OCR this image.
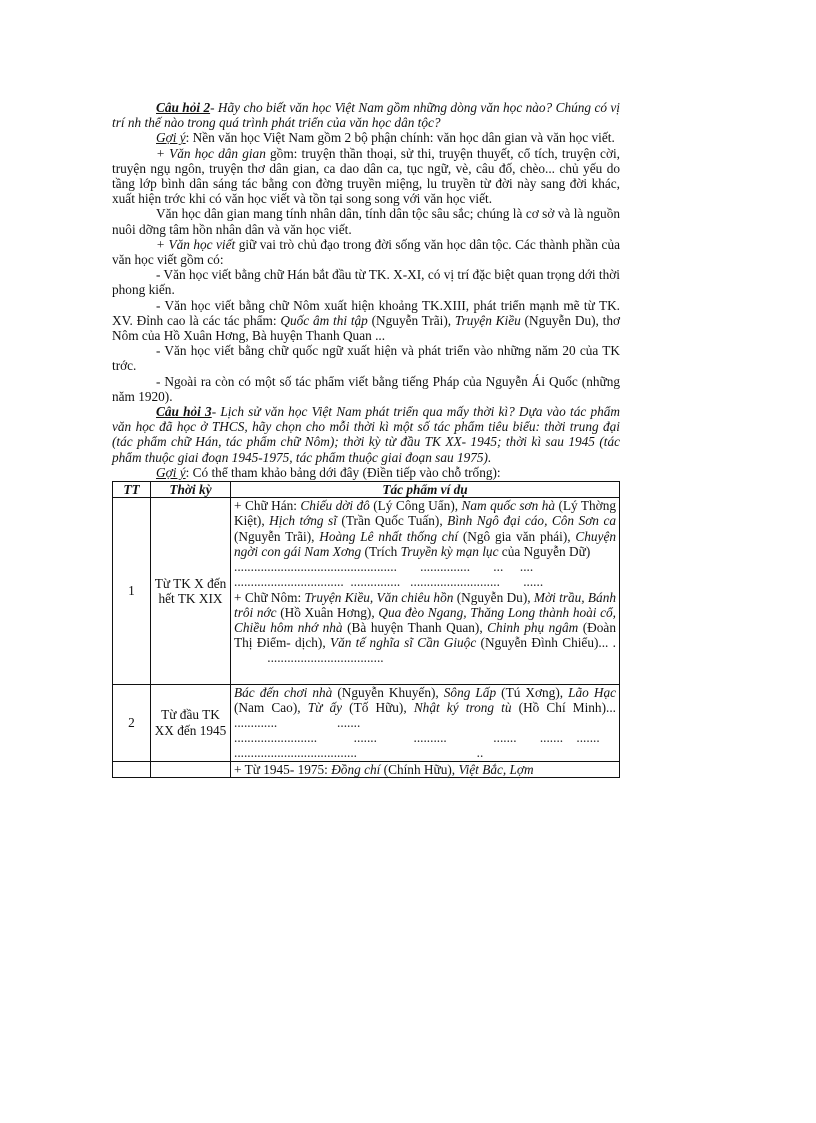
Câu hỏi 2- Hãy cho biết văn học Việt Nam gồm những dòng văn học nào? Chúng có vị trí nh thế nào trong quá trình phát triển của văn học dân tộc?

Gợi ý: Nền văn học Việt Nam gồm 2 bộ phận chính: văn học dân gian và văn học viết.

+ Văn học dân gian gồm: truyện thần thoại, sử thi, truyện thuyết, cổ tích, truyện cời, truyện ngụ ngôn, truyện thơ dân gian, ca dao dân ca, tục ngữ, vè, câu đố, chèo... chủ yếu do tầng lớp bình dân sáng tác bằng con đờng truyền miệng, lu truyền từ đời này sang đời khác, xuất hiện trớc khi có văn học viết và tồn tại song song với văn học viết.

Văn học dân gian mang tính nhân dân, tính dân tộc sâu sắc; chúng là cơ sở và là nguồn nuôi dỡng tâm hồn nhân dân và văn học viết.

+ Văn học viết giữ vai trò chủ đạo trong đời sống văn học dân tộc. Các thành phần của văn học viết gồm có:

- Văn học viết bằng chữ Hán bắt đầu từ TK. X-XI, có vị trí đặc biệt quan trọng dới thời phong kiến.

- Văn học viết bằng chữ Nôm xuất hiện khoảng TK.XIII, phát triển mạnh mẽ từ TK. XV. Đỉnh cao là các tác phẩm: Quốc âm thi tập (Nguyễn Trãi), Truyện Kiều (Nguyễn Du), thơ Nôm của Hồ Xuân Hơng, Bà huyện Thanh Quan ...

- Văn học viết bằng chữ quốc ngữ xuất hiện và phát triển vào những năm 20 của TK trớc.

- Ngoài ra còn có một số tác phẩm viết bằng tiếng Pháp của Nguyễn Ái Quốc (những năm 1920).

Câu hỏi 3- Lịch sử văn học Việt Nam phát triển qua mấy thời kì? Dựa vào tác phẩm văn học đã học ở THCS, hãy chọn cho mỗi thời kì một số tác phẩm tiêu biểu: thời trung đại (tác phẩm chữ Hán, tác phẩm chữ Nôm); thời kỳ từ đầu TK XX- 1945; thời kì sau 1945 (tác phẩm thuộc giai đoạn 1945-1975, tác phẩm thuộc giai đoạn sau 1975).

Gợi ý: Có thể tham khảo bảng dới đây (Điền tiếp vào chỗ trống):

TT	Thời kỳ	Tác phẩm ví dụ
1	Từ TK X đến hết TK XIX	+ Chữ Hán: Chiếu dời đô (Lý Công Uẩn), Nam quốc sơn hà (Lý Thờng Kiệt), Hịch tớng sĩ (Trần Quốc Tuấn), Bình Ngô đại cáo, Côn Sơn ca (Nguyễn Trãi), Hoàng Lê nhất thống chí (Ngô gia văn phái), Chuyện ngời con gái Nam Xơng (Trích Truyền kỳ mạn lục của Nguyễn Dữ)

.................................................       ...............       ...     ....
.................................  ...............   ...........................       ......

+ Chữ Nôm: Truyện Kiều, Văn chiêu hồn (Nguyễn Du), Mời trầu, Bánh trôi nớc (Hồ Xuân Hơng), Qua đèo Ngang, Thăng Long thành hoài cổ, Chiều hôm nhớ nhà (Bà huyện Thanh Quan), Chinh phụ ngâm (Đoàn Thị Điểm- dịch), Văn tế nghĩa sĩ Cần Giuộc (Nguyễn Đình Chiểu)... .           ...................................

2	Từ đầu TK XX đến 1945	Bác đến chơi nhà (Nguyễn Khuyến), Sông Lấp (Tú Xơng), Lão Hạc (Nam Cao), Từ ấy (Tố Hữu), Nhật ký trong tù (Hồ Chí Minh)... .............                  .......

.........................           .......           ..........              .......       .......    .......
.....................................                                    ..

		+ Từ 1945- 1975: Đồng chí (Chính Hữu), Việt Bắc, Lợm
